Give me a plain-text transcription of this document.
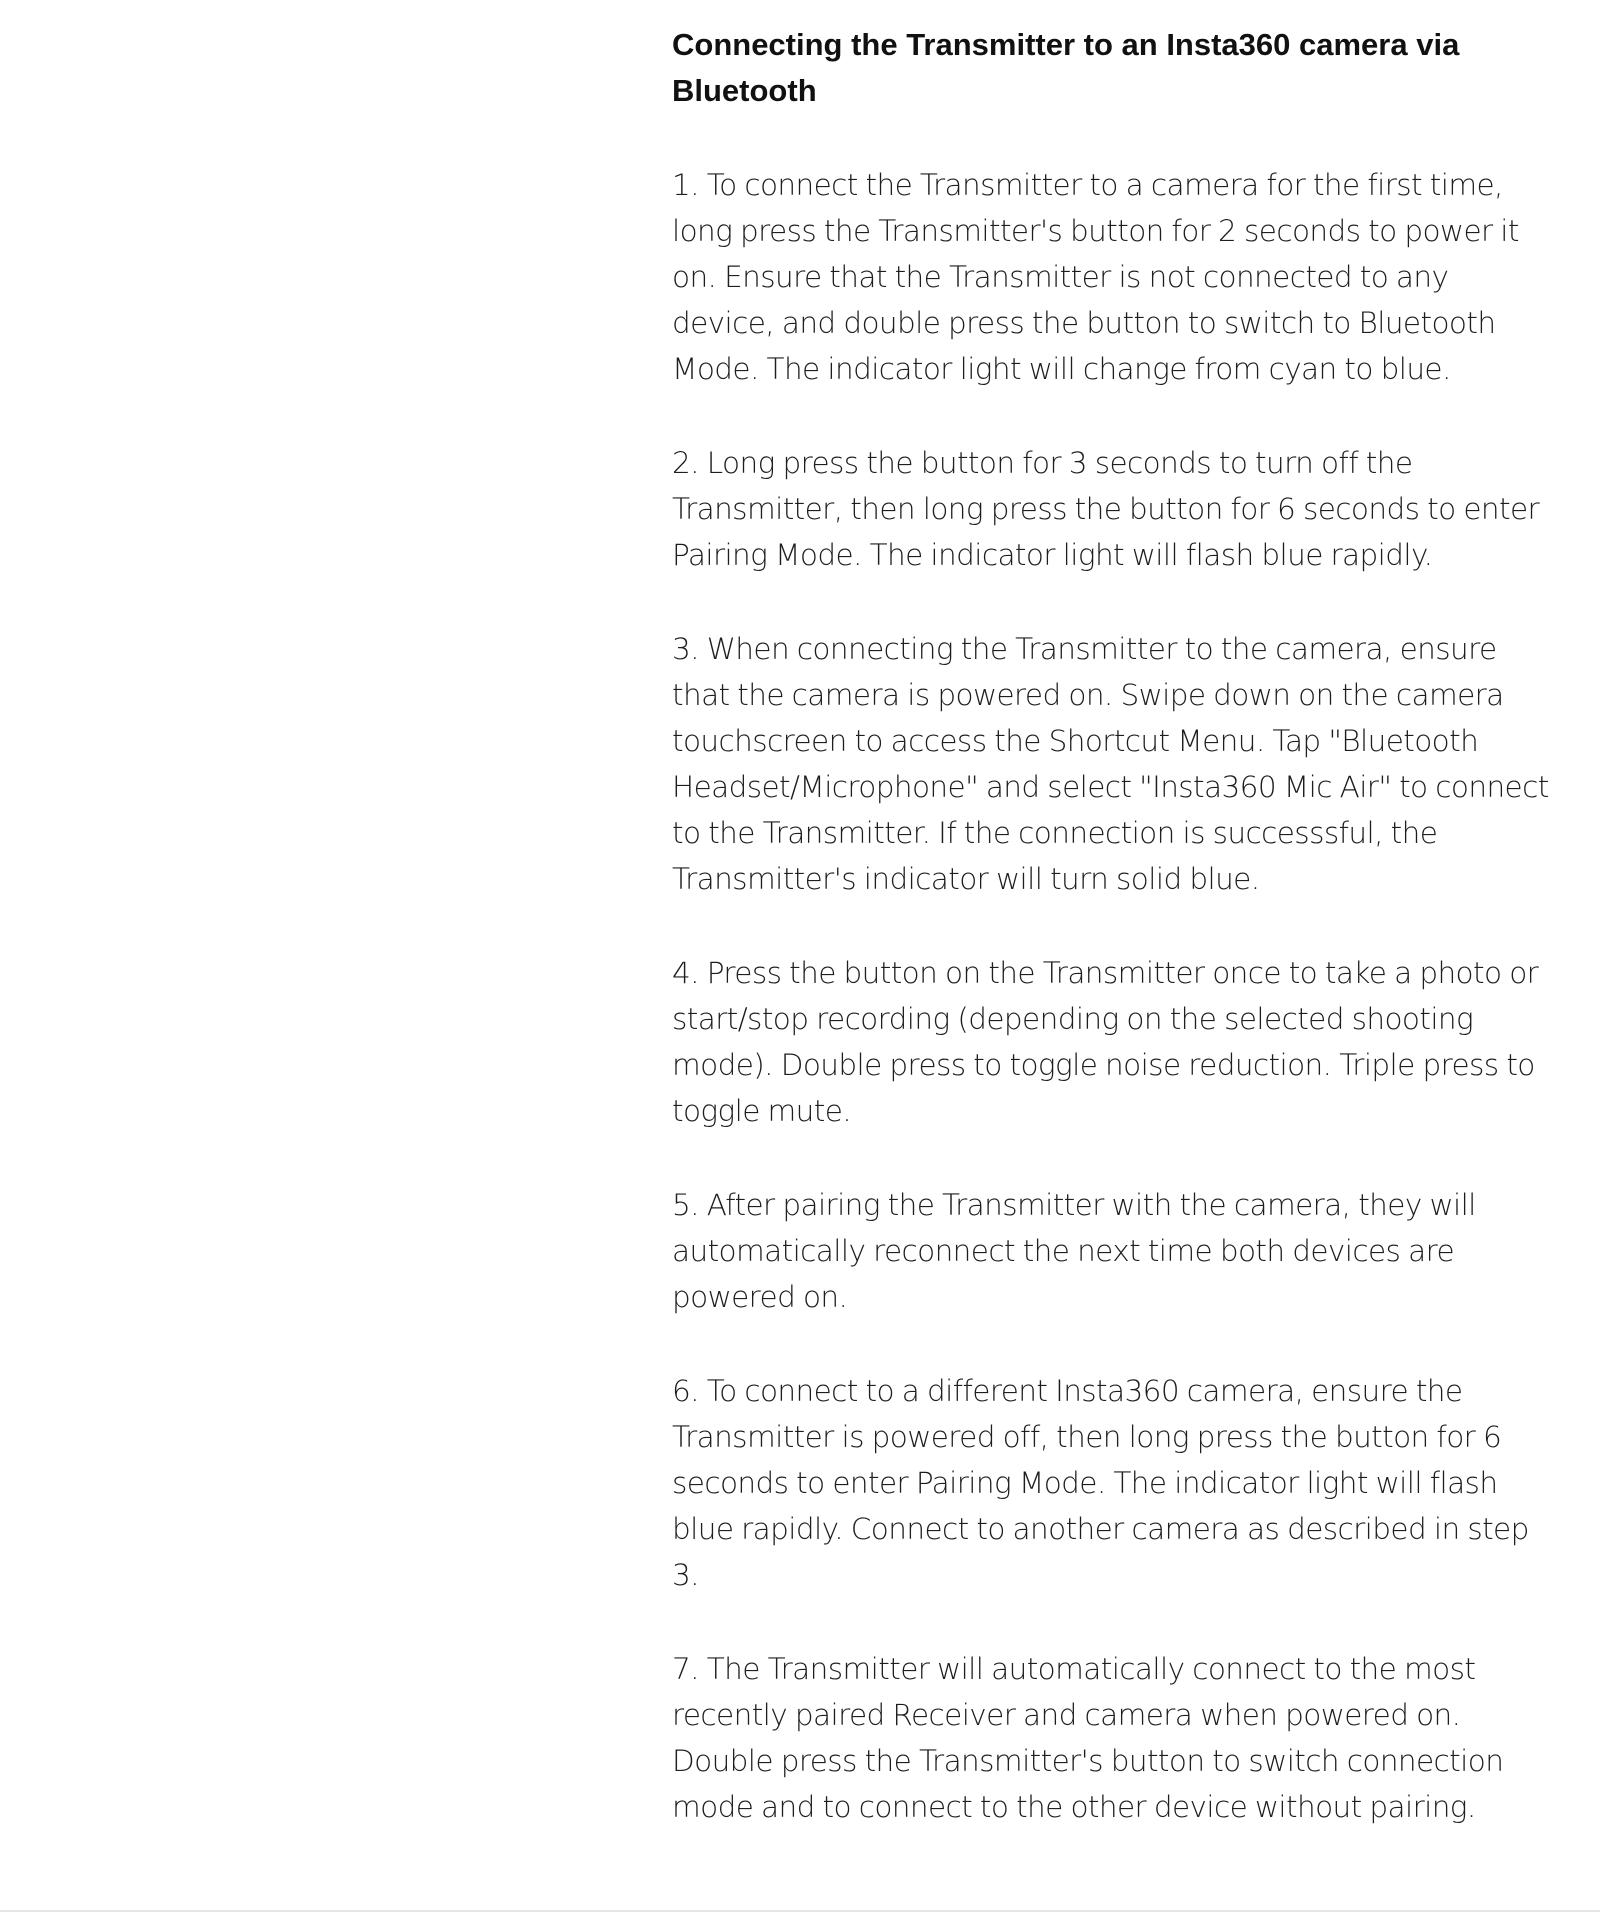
Connecting the Transmitter to an Insta360 camera via Bluetooth

1. To connect the Transmitter to a camera for the first time, long press the Transmitter's button for 2 seconds to power it on. Ensure that the Transmitter is not connected to any device, and double press the button to switch to Bluetooth Mode. The indicator light will change from cyan to blue.

2. Long press the button for 3 seconds to turn off the Transmitter, then long press the button for 6 seconds to enter Pairing Mode. The indicator light will flash blue rapidly.

3. When connecting the Transmitter to the camera, ensure that the camera is powered on. Swipe down on the camera touchscreen to access the Shortcut Menu. Tap "Bluetooth Headset/Microphone" and select "Insta360 Mic Air" to connect to the Transmitter. If the connection is successsful, the Transmitter's indicator will turn solid blue.

4. Press the button on the Transmitter once to take a photo or start/stop recording (depending on the selected shooting mode). Double press to toggle noise reduction. Triple press to toggle mute.

5. After pairing the Transmitter with the camera, they will automatically reconnect the next time both devices are powered on.

6. To connect to a different Insta360 camera, ensure the Transmitter is powered off, then long press the button for 6 seconds to enter Pairing Mode. The indicator light will flash blue rapidly. Connect to another camera as described in step 3.

7. The Transmitter will automatically connect to the most recently paired Receiver and camera when powered on. Double press the Transmitter's button to switch connection mode and to connect to the other device without pairing.
